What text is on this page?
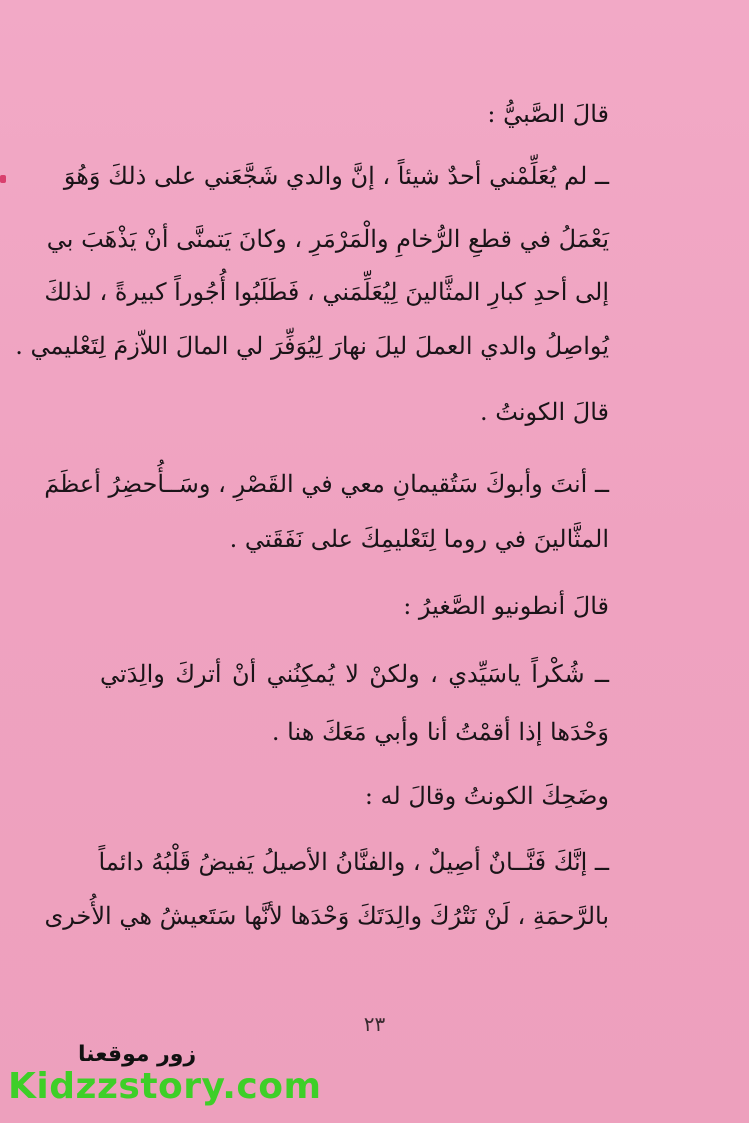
قالَ الصَّبيُّ :
ــ لم يُعَلِّمْني أحدٌ شيئاً ، إنَّ والدي شَجَّعَني على ذلكَ وَهُوَ
يَعْمَلُ في قطعِ الرُّخامِ والْمَرْمَرِ ، وكانَ يَتمنَّى أنْ يَذْهَبَ بي
إلى أحدِ كبارِ المثَّالينَ لِيُعَلِّمَني ، فَطَلَبُوا أُجُوراً كبيرةً ، لذلكَ
يُواصِلُ والدي العملَ ليلَ نهارَ لِيُوَفِّرَ لي المالَ اللاّزمَ لِتَعْليمي .
قالَ الكونتُ .
ــ أنتَ وأبوكَ سَتُقيمانِ معي في القَصْرِ ، وسَــأُحضِرُ أعظَمَ
المثَّالينَ في روما لِتَعْليمِكَ على نَفَقَتي .
قالَ أنطونيو الصَّغيرُ :
ــ شُكْراً ياسَيِّدي ، ولكنْ لا يُمكِنُني أنْ أتركَ والِدَتي
وَحْدَها إذا أقمْتُ أنا وأبي مَعَكَ هنا .
وضَحِكَ الكونتُ وقالَ له :
ــ إنَّكَ فَنَّــانٌ أصِيلٌ ، والفنَّانُ الأصيلُ يَفيضُ قَلْبُهُ دائماً
بالرَّحمَةِ ، لَنْ نَتْرُكَ والِدَتَكَ وَحْدَها لأنَّها سَتَعيشُ هي الأُخرى
٢٣
زور موقعنا
Kidzzstory.com
